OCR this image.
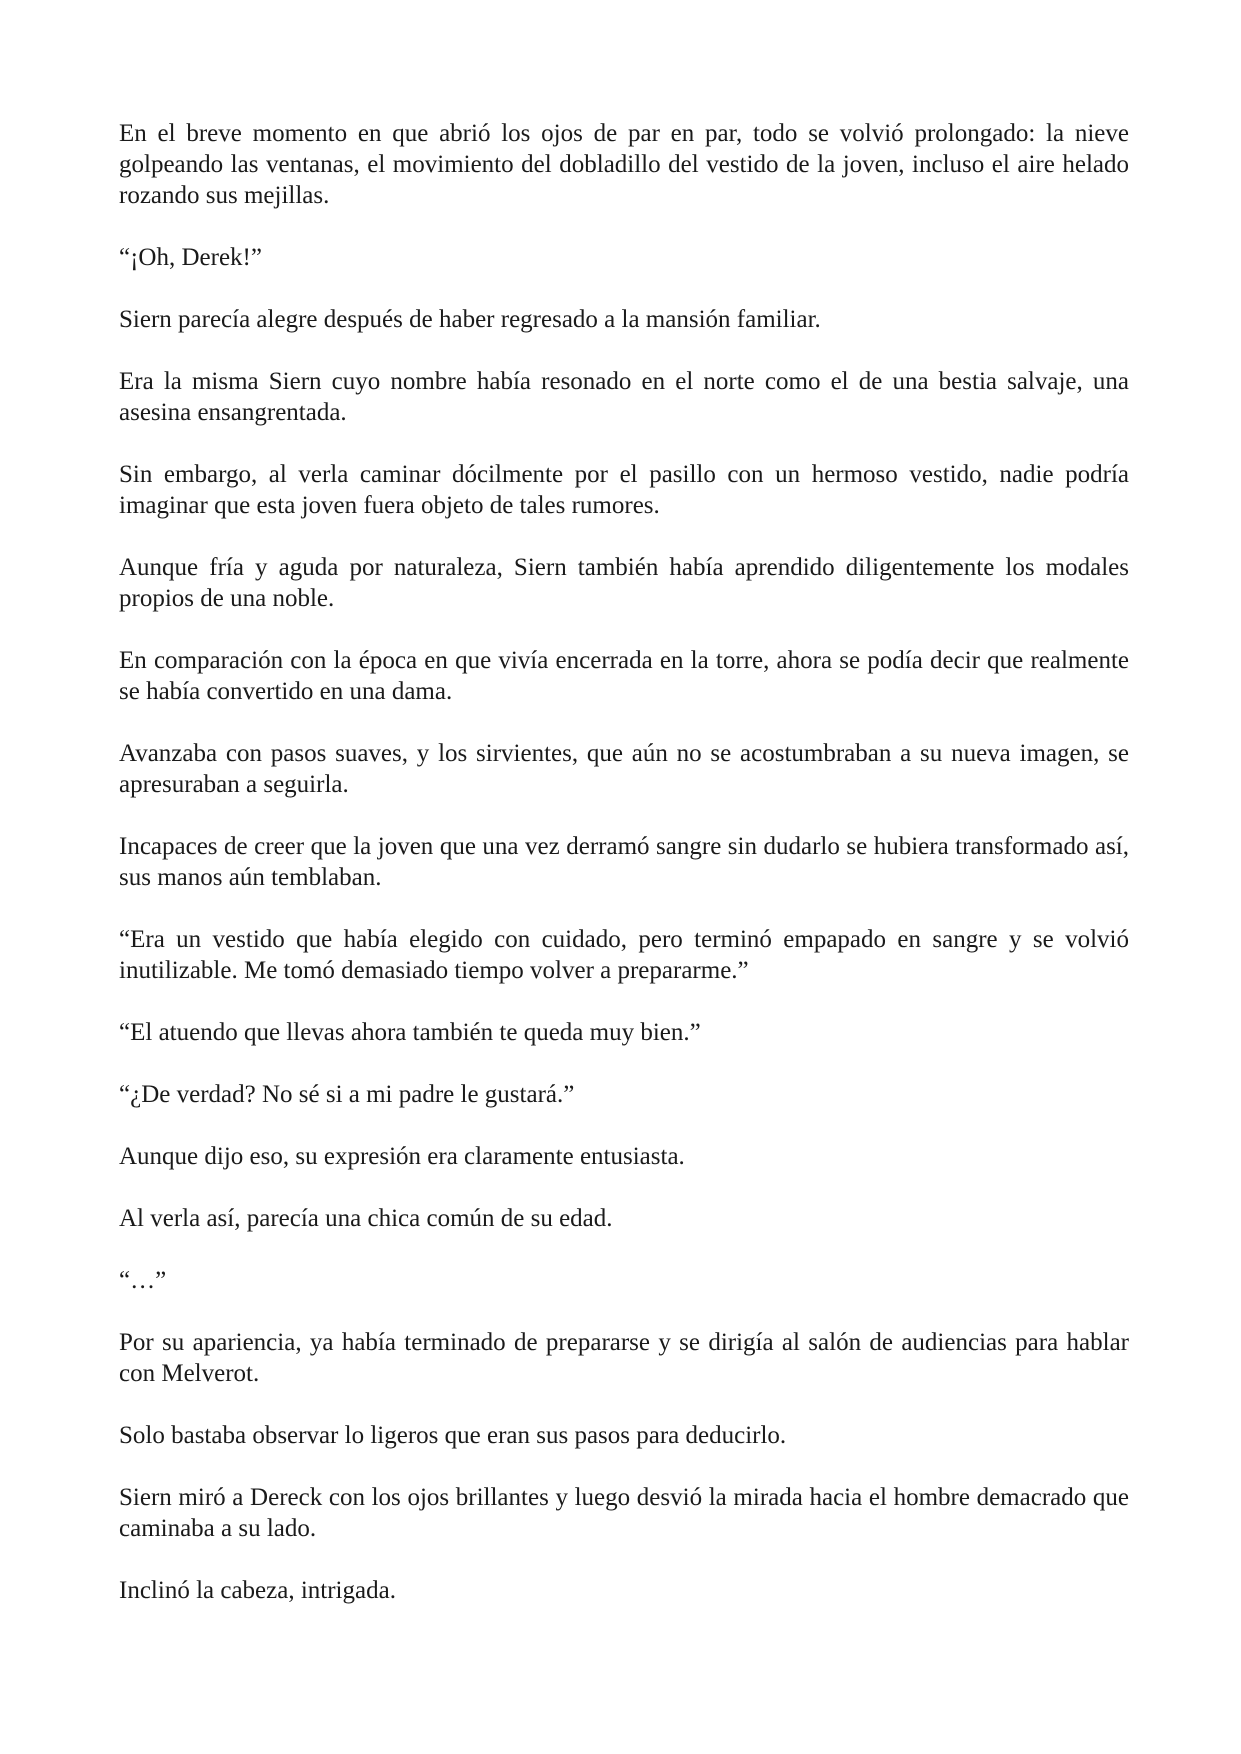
En el breve momento en que abrió los ojos de par en par, todo se volvió prolongado: la nieve golpeando las ventanas, el movimiento del dobladillo del vestido de la joven, incluso el aire helado rozando sus mejillas.

“¡Oh, Derek!”

Siern parecía alegre después de haber regresado a la mansión familiar.

Era la misma Siern cuyo nombre había resonado en el norte como el de una bestia salvaje, una asesina ensangrentada.

Sin embargo, al verla caminar dócilmente por el pasillo con un hermoso vestido, nadie podría imaginar que esta joven fuera objeto de tales rumores.

Aunque fría y aguda por naturaleza, Siern también había aprendido diligentemente los modales propios de una noble.

En comparación con la época en que vivía encerrada en la torre, ahora se podía decir que realmente se había convertido en una dama.

Avanzaba con pasos suaves, y los sirvientes, que aún no se acostumbraban a su nueva imagen, se apresuraban a seguirla.

Incapaces de creer que la joven que una vez derramó sangre sin dudarlo se hubiera transformado así, sus manos aún temblaban.

“Era un vestido que había elegido con cuidado, pero terminó empapado en sangre y se volvió inutilizable. Me tomó demasiado tiempo volver a prepararme.”

“El atuendo que llevas ahora también te queda muy bien.”

“¿De verdad? No sé si a mi padre le gustará.”

Aunque dijo eso, su expresión era claramente entusiasta.

Al verla así, parecía una chica común de su edad.

“…”

Por su apariencia, ya había terminado de prepararse y se dirigía al salón de audiencias para hablar con Melverot.

Solo bastaba observar lo ligeros que eran sus pasos para deducirlo.

Siern miró a Dereck con los ojos brillantes y luego desvió la mirada hacia el hombre demacrado que caminaba a su lado.

Inclinó la cabeza, intrigada.
